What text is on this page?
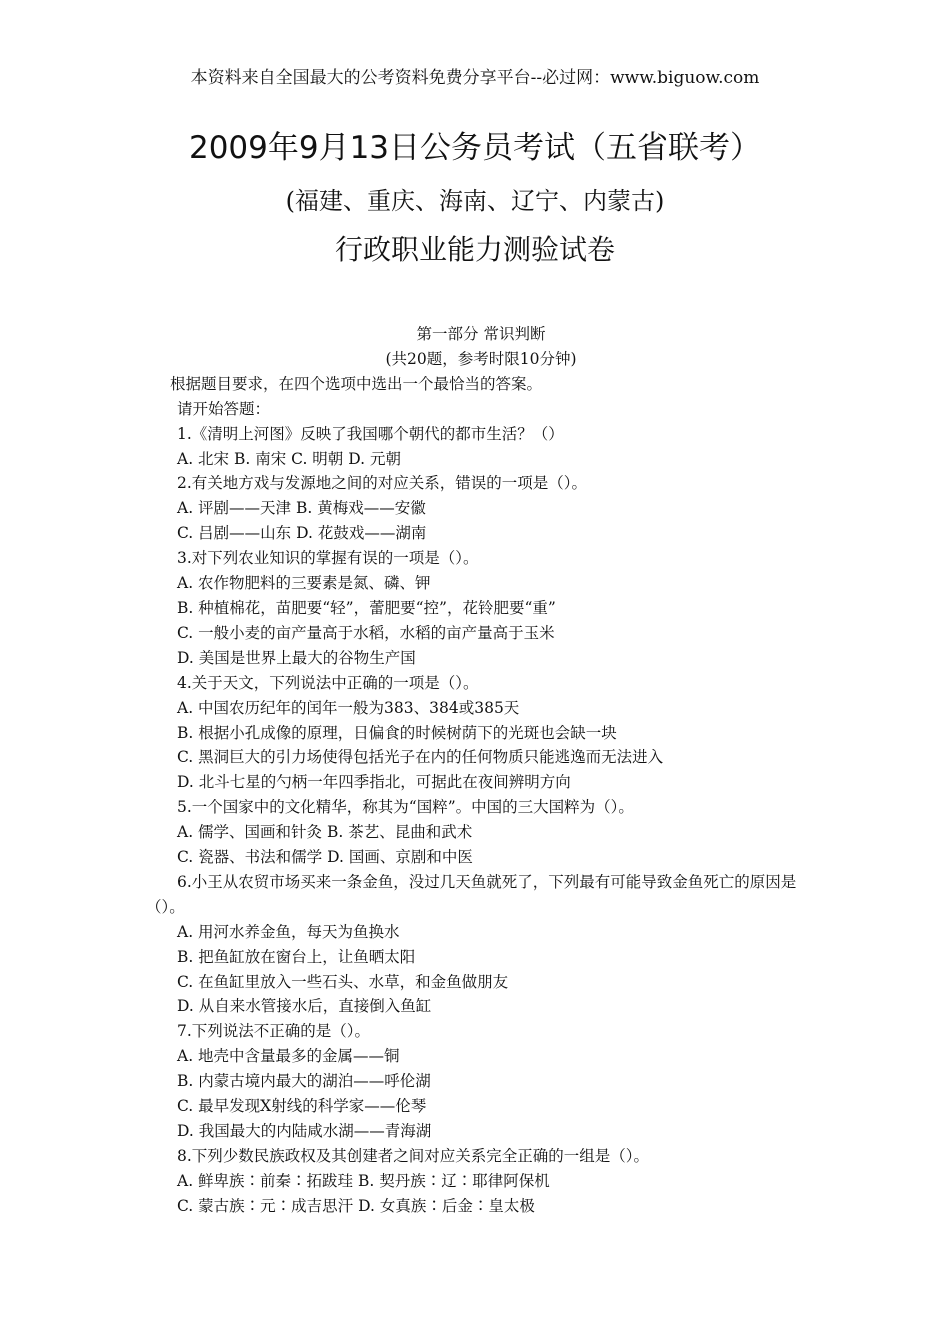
本资料来自全国最大的公考资料免费分享平台--必过网：www.biguow.com
2009年9月13日公务员考试（五省联考）
(福建、重庆、海南、辽宁、内蒙古)
行政职业能力测验试卷
第一部分 常识判断
(共20题，参考时限10分钟)
根据题目要求，在四个选项中选出一个最恰当的答案。
请开始答题：
1.《清明上河图》反映了我国哪个朝代的都市生活？（）
A. 北宋 B. 南宋 C. 明朝 D. 元朝
2.有关地方戏与发源地之间的对应关系，错误的一项是（）。
A. 评剧——天津 B. 黄梅戏——安徽
C. 吕剧——山东 D. 花鼓戏——湖南
3.对下列农业知识的掌握有误的一项是（）。
A. 农作物肥料的三要素是氮、磷、钾
B. 种植棉花，苗肥要“轻”，蕾肥要“控”，花铃肥要“重”
C. 一般小麦的亩产量高于水稻，水稻的亩产量高于玉米
D. 美国是世界上最大的谷物生产国
4.关于天文，下列说法中正确的一项是（）。
A. 中国农历纪年的闰年一般为383、384或385天
B. 根据小孔成像的原理，日偏食的时候树荫下的光斑也会缺一块
C. 黑洞巨大的引力场使得包括光子在内的任何物质只能逃逸而无法进入
D. 北斗七星的勺柄一年四季指北，可据此在夜间辨明方向
5.一个国家中的文化精华，称其为“国粹”。中国的三大国粹为（）。
A. 儒学、国画和针灸 B. 茶艺、昆曲和武术
C. 瓷器、书法和儒学 D. 国画、京剧和中医
6.小王从农贸市场买来一条金鱼，没过几天鱼就死了，下列最有可能导致金鱼死亡的原因是（）。
A. 用河水养金鱼，每天为鱼换水
B. 把鱼缸放在窗台上，让鱼晒太阳
C. 在鱼缸里放入一些石头、水草，和金鱼做朋友
D. 从自来水管接水后，直接倒入鱼缸
7.下列说法不正确的是（）。
A. 地壳中含量最多的金属——铜
B. 内蒙古境内最大的湖泊——呼伦湖
C. 最早发现X射线的科学家——伦琴
D. 我国最大的内陆咸水湖——青海湖
8.下列少数民族政权及其创建者之间对应关系完全正确的一组是（）。
A. 鲜卑族∶前秦∶拓跋珪 B. 契丹族∶辽∶耶律阿保机
C. 蒙古族∶元∶成吉思汗 D. 女真族∶后金∶皇太极
